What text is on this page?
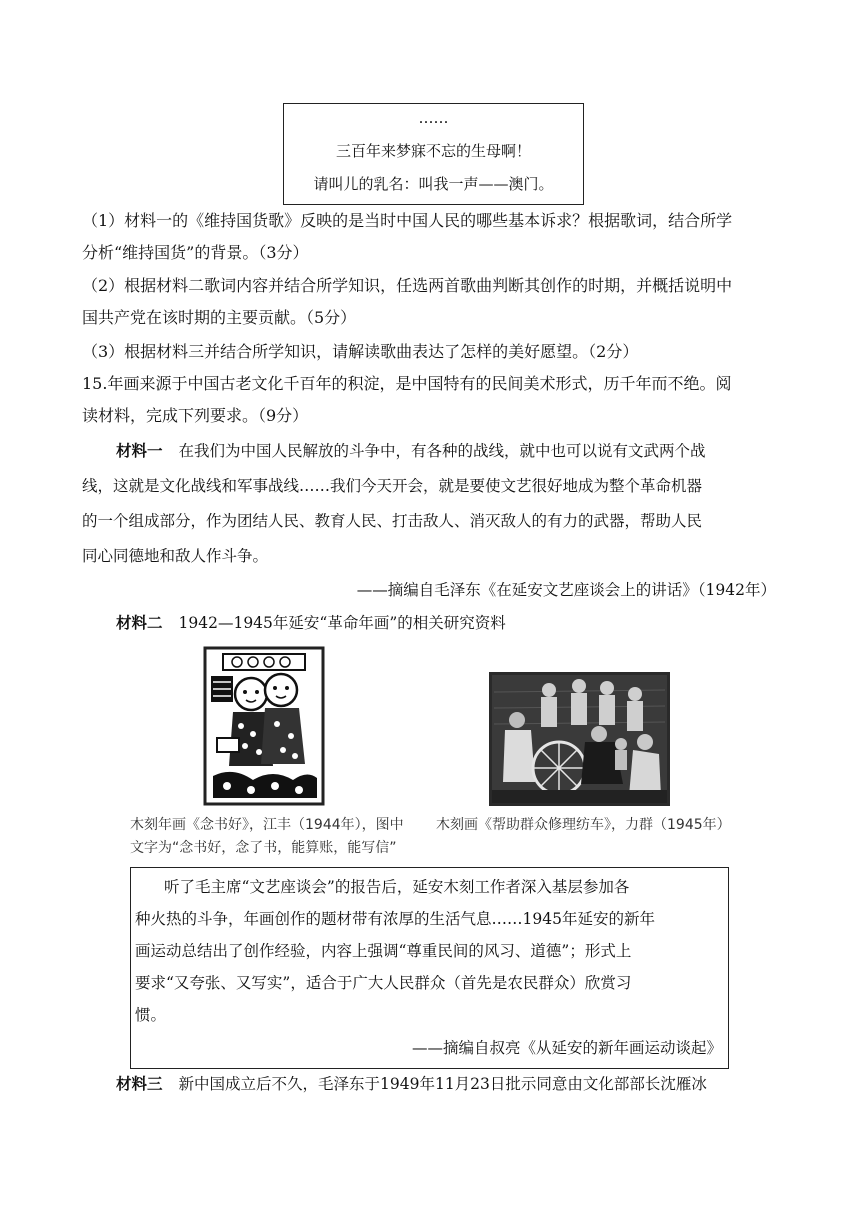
……
三百年来梦寐不忘的生母啊！
请叫儿的乳名：叫我一声——澳门。
（1）材料一的《维持国货歌》反映的是当时中国人民的哪些基本诉求？根据歌词，结合所学
分析“维持国货”的背景。（3分）
（2）根据材料二歌词内容并结合所学知识，任选两首歌曲判断其创作的时期，并概括说明中
国共产党在该时期的主要贡献。（5分）
（3）根据材料三并结合所学知识，请解读歌曲表达了怎样的美好愿望。（2分）
15.年画来源于中国古老文化千百年的积淀，是中国特有的民间美术形式，历千年而不绝。阅
读材料，完成下列要求。（9分）
材料一 在我们为中国人民解放的斗争中，有各种的战线，就中也可以说有文武两个战
线，这就是文化战线和军事战线……我们今天开会，就是要使文艺很好地成为整个革命机器
的一个组成部分，作为团结人民、教育人民、打击敌人、消灭敌人的有力的武器，帮助人民
同心同德地和敌人作斗争。
——摘编自毛泽东《在延安文艺座谈会上的讲话》（1942年）
材料二 1942—1945年延安“革命年画”的相关研究资料
木刻年画《念书好》，江丰（1944年），图中
文字为“念书好，念了书，能算账，能写信”
木刻画《帮助群众修理纺车》，力群（1945年）
听了毛主席“文艺座谈会”的报告后，延安木刻工作者深入基层参加各
种火热的斗争，年画创作的题材带有浓厚的生活气息……1945年延安的新年
画运动总结出了创作经验，内容上强调“尊重民间的风习、道德”；形式上
要求“又夸张、又写实”，适合于广大人民群众（首先是农民群众）欣赏习
惯。
——摘编自叔亮《从延安的新年画运动谈起》
材料三 新中国成立后不久，毛泽东于1949年11月23日批示同意由文化部部长沈雁冰
